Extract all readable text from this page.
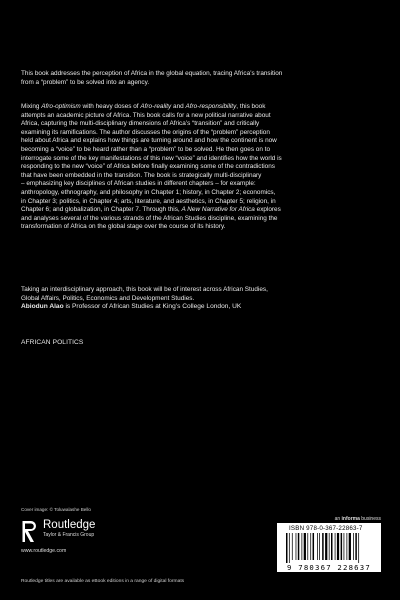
This book addresses the perception of Africa in the global equation, tracing Africa’s transition
from a “problem” to be solved into an agency.
Mixing Afro-optimism with heavy doses of Afro-reality and Afro-responsibility, this book
attempts an academic picture of Africa. This book calls for a new political narrative about
Africa, capturing the multi-disciplinary dimensions of Africa’s “transition” and critically
examining its ramifications. The author discusses the origins of the “problem” perception
held about Africa and explains how things are turning around and how the continent is now
becoming a “voice” to be heard rather than a “problem” to be solved. He then goes on to
interrogate some of the key manifestations of this new “voice” and identifies how the world is
responding to the new “voice” of Africa before finally examining some of the contradictions
that have been embedded in the transition. The book is strategically multi-disciplinary
– emphasizing key disciplines of African studies in different chapters – for example:
anthropology, ethnography, and philosophy in Chapter 1; history, in Chapter 2; economics,
in Chapter 3; politics, in Chapter 4; arts, literature, and aesthetics, in Chapter 5; religion, in
Chapter 6; and globalization, in Chapter 7. Through this, A New Narrative for Africa explores
and analyses several of the various strands of the African Studies discipline, examining the
transformation of Africa on the global stage over the course of its history.
Taking an interdisciplinary approach, this book will be of interest across African Studies,
Global Affairs, Politics, Economics and Development Studies.
Abiodun Alao is Professor of African Studies at King’s College London, UK
AFRICAN POLITICS
Cover image: © Toluwalashe Bello
Routledge
Taylor & Francis Group
www.routledge.com
an informa business
ISBN 978-0-367-22863-7
9 780367 228637
Routledge titles are available as eBook editions in a range of digital formats
